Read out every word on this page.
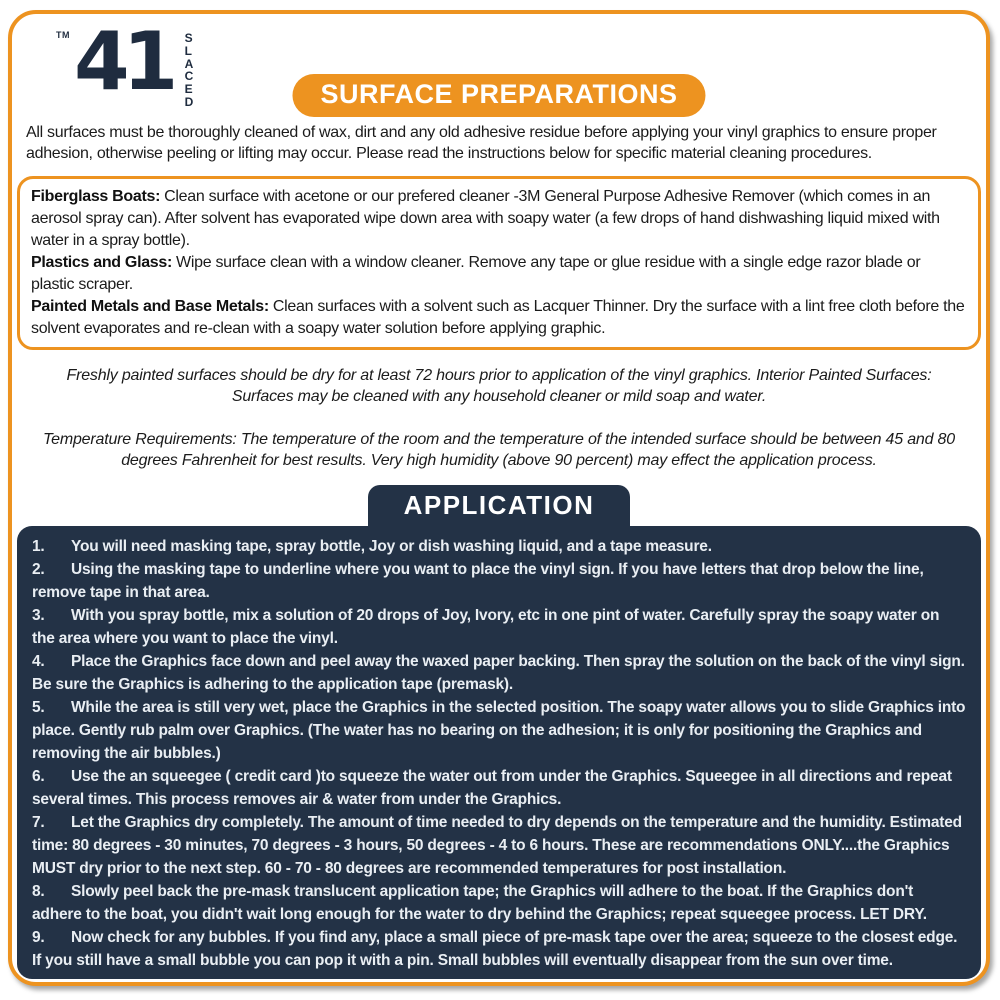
TM 41 D
E
C
A
L
S
SURFACE PREPARATIONS

All surfaces must be thoroughly cleaned of wax, dirt and any old adhesive residue before applying your vinyl graphics to ensure proper adhesion, otherwise peeling or lifting may occur. Please read the instructions below for specific material cleaning procedures.

Fiberglass Boats: Clean surface with acetone or our prefered cleaner -3M General Purpose Adhesive Remover (which comes in an aerosol spray can). After solvent has evaporated wipe down area with soapy water (a few drops of hand dishwashing liquid mixed with water in a spray bottle).

Plastics and Glass: Wipe surface clean with a window cleaner. Remove any tape or glue residue with a single edge razor blade or plastic scraper.

Painted Metals and Base Metals: Clean surfaces with a solvent such as Lacquer Thinner. Dry the surface with a lint free cloth before the solvent evaporates and re-clean with a soapy water solution before applying graphic.

Freshly painted surfaces should be dry for at least 72 hours prior to application of the vinyl graphics. Interior Painted Surfaces: Surfaces may be cleaned with any household cleaner or mild soap and water.

Temperature Requirements: The temperature of the room and the temperature of the intended surface should be between 45 and 80 degrees Fahrenheit for best results. Very high humidity (above 90 percent) may effect the application process.

APPLICATION

1. You will need masking tape, spray bottle, Joy or dish washing liquid, and a tape measure.

2. Using the masking tape to underline where you want to place the vinyl sign. If you have letters that drop below the line, remove tape in that area.

3. With you spray bottle, mix a solution of 20 drops of Joy, Ivory, etc in one pint of water. Carefully spray the soapy water on the area where you want to place the vinyl.

4. Place the Graphics face down and peel away the waxed paper backing. Then spray the solution on the back of the vinyl sign. Be sure the Graphics is adhering to the application tape (premask).

5. While the area is still very wet, place the Graphics in the selected position. The soapy water allows you to slide Graphics into place. Gently rub palm over Graphics. (The water has no bearing on the adhesion; it is only for positioning the Graphics and removing the air bubbles.)

6. Use the an squeegee ( credit card )to squeeze the water out from under the Graphics. Squeegee in all directions and repeat several times. This process removes air & water from under the Graphics.

7. Let the Graphics dry completely. The amount of time needed to dry depends on the temperature and the humidity. Estimated time: 80 degrees - 30 minutes, 70 degrees - 3 hours, 50 degrees - 4 to 6 hours. These are recommendations ONLY....the Graphics MUST dry prior to the next step. 60 - 70 - 80 degrees are recommended temperatures for post installation.

8. Slowly peel back the pre-mask translucent application tape; the Graphics will adhere to the boat. If the Graphics don't adhere to the boat, you didn't wait long enough for the water to dry behind the Graphics; repeat squeegee process. LET DRY.

9. Now check for any bubbles. If you find any, place a small piece of pre-mask tape over the area; squeeze to the closest edge. If you still have a small bubble you can pop it with a pin. Small bubbles will eventually disappear from the sun over time.
